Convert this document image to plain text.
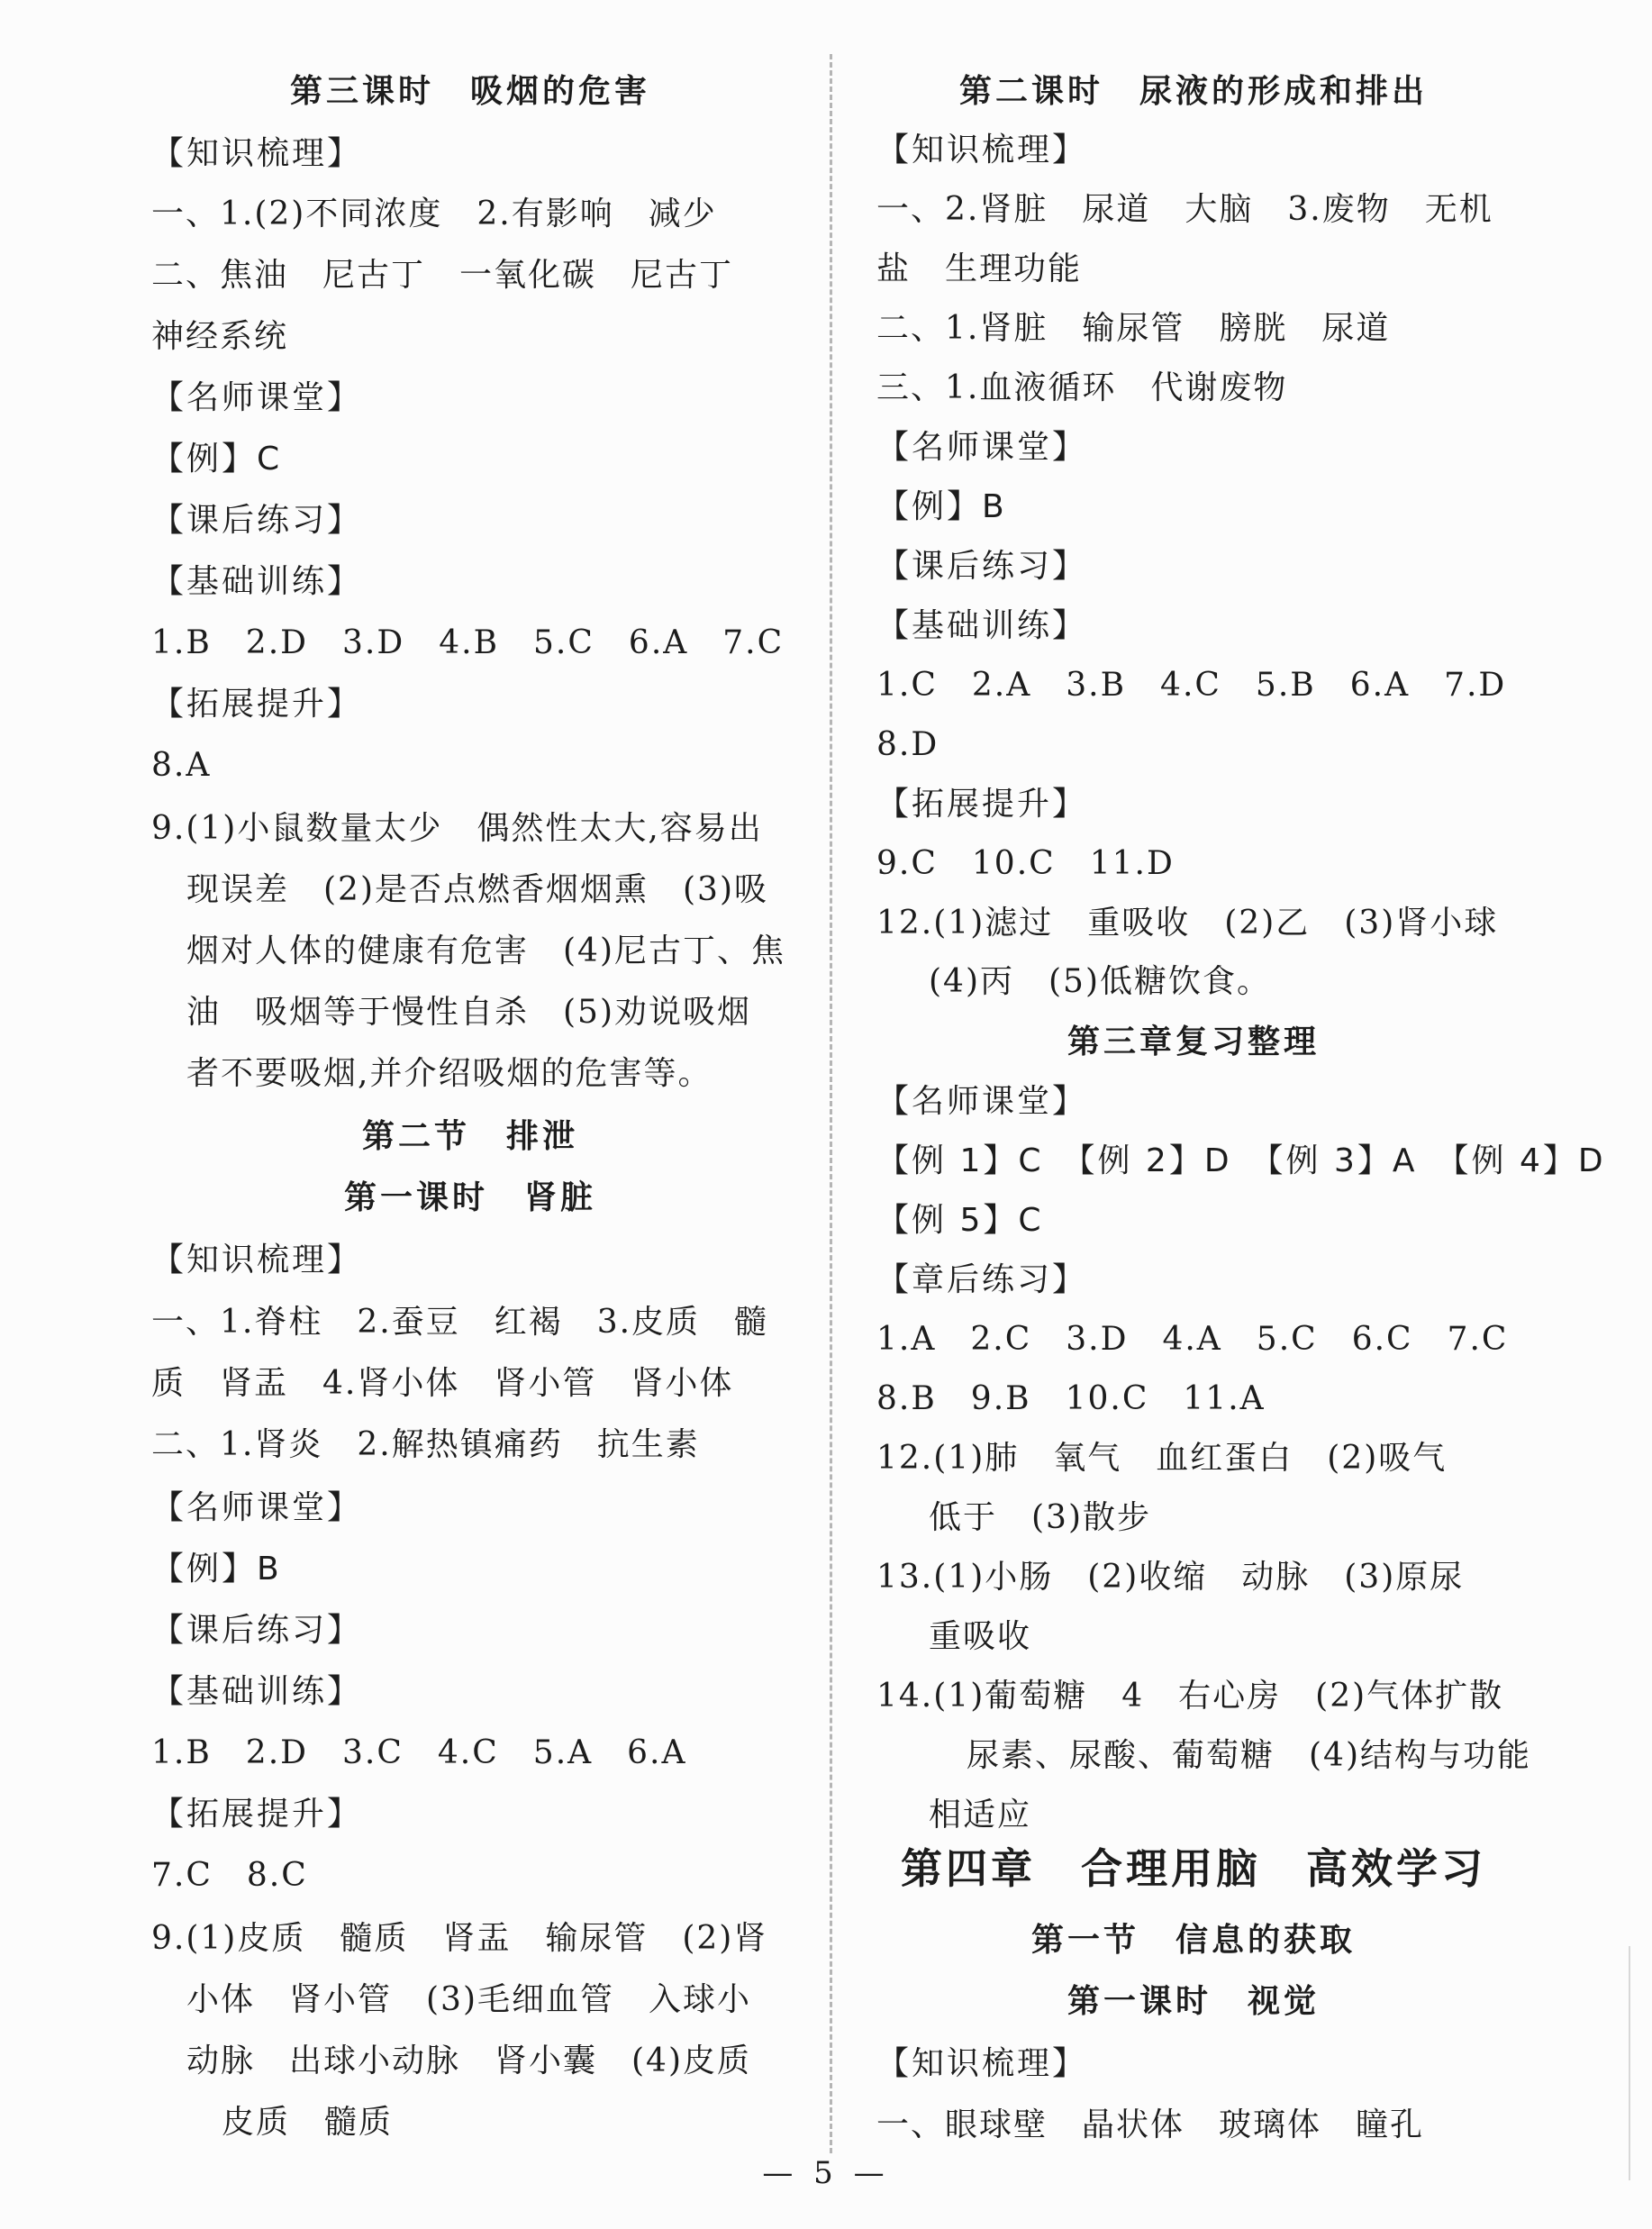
第三课时　吸烟的危害
【知识梳理】
一、1.(2)不同浓度　2.有影响　减少
二、焦油　尼古丁　一氧化碳　尼古丁
神经系统
【名师课堂】
【例】C
【课后练习】
【基础训练】
1.B　2.D　3.D　4.B　5.C　6.A　7.C
【拓展提升】
8.A
9.(1)小鼠数量太少　偶然性太大,容易出
现误差　(2)是否点燃香烟烟熏　(3)吸
烟对人体的健康有危害　(4)尼古丁、焦
油　吸烟等于慢性自杀　(5)劝说吸烟
者不要吸烟,并介绍吸烟的危害等。
第二节　排泄
第一课时　肾脏
【知识梳理】
一、1.脊柱　2.蚕豆　红褐　3.皮质　髓
质　肾盂　4.肾小体　肾小管　肾小体
二、1.肾炎　2.解热镇痛药　抗生素
【名师课堂】
【例】B
【课后练习】
【基础训练】
1.B　2.D　3.C　4.C　5.A　6.A
【拓展提升】
7.C　8.C
9.(1)皮质　髓质　肾盂　输尿管　(2)肾
小体　肾小管　(3)毛细血管　入球小
动脉　出球小动脉　肾小囊　(4)皮质
皮质　髓质
第二课时　尿液的形成和排出
【知识梳理】
一、2.肾脏　尿道　大脑　3.废物　无机
盐　生理功能
二、1.肾脏　输尿管　膀胱　尿道
三、1.血液循环　代谢废物
【名师课堂】
【例】B
【课后练习】
【基础训练】
1.C　2.A　3.B　4.C　5.B　6.A　7.D
8.D
【拓展提升】
9.C　10.C　11.D
12.(1)滤过　重吸收　(2)乙　(3)肾小球
(4)丙　(5)低糖饮食。
第三章复习整理
【名师课堂】
【例 1】C　【例 2】D　【例 3】A　【例 4】D
【例 5】C
【章后练习】
1.A　2.C　3.D　4.A　5.C　6.C　7.C
8.B　9.B　10.C　11.A
12.(1)肺　氧气　血红蛋白　(2)吸气
低于　(3)散步
13.(1)小肠　(2)收缩　动脉　(3)原尿
重吸收
14.(1)葡萄糖　4　右心房　(2)气体扩散
尿素、尿酸、葡萄糖　(4)结构与功能
相适应
第四章　合理用脑　高效学习
第一节　信息的获取
第一课时　视觉
【知识梳理】
一、眼球壁　晶状体　玻璃体　瞳孔
— 5 —
